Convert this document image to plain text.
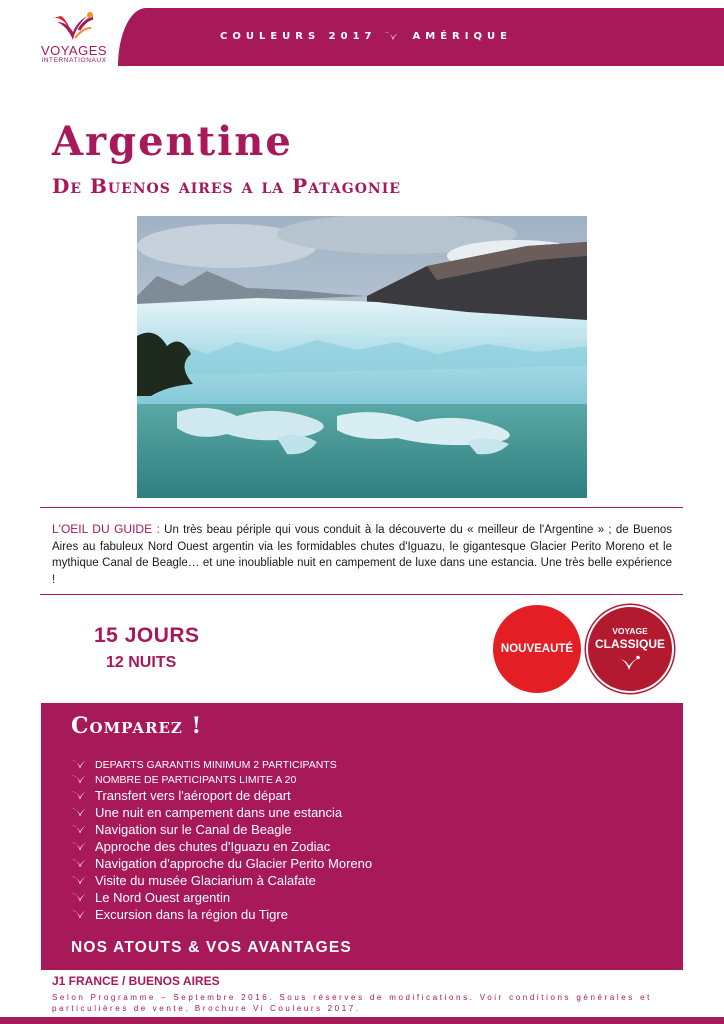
VOYAGES
INTERNATIONAUX
COULEURS 2017	AMÉRIQUE
Argentine
De Buenos aires a la Patagonie
L'OEIL DU GUIDE : Un très beau périple qui vous conduit à la découverte du « meilleur de l'Argentine » ; de Buenos Aires au fabuleux Nord Ouest argentin via les formidables chutes d'Iguazu, le gigantesque Glacier Perito Moreno et le mythique Canal de Beagle… et une inoubliable nuit en campement de luxe dans une estancia. Une très belle expérience !
15 JOURS
12 NUITS
NOUVEAUTÉ
VOYAGE
CLASSIQUE
Comparez !
DEPARTS GARANTIS MINIMUM 2 PARTICIPANTS
NOMBRE DE PARTICIPANTS LIMITE A 20
Transfert vers l'aéroport de départ
Une nuit en campement dans une estancia
Navigation sur le Canal de Beagle
Approche des chutes d'Iguazu en Zodiac
Navigation d'approche du Glacier Perito Moreno
Visite du musée Glaciarium à Calafate
Le Nord Ouest argentin
Excursion dans la région du Tigre
NOS ATOUTS & VOS AVANTAGES
J1 FRANCE / BUENOS AIRES
Selon Programme – Septembre 2016. Sous réserves de modifications. Voir conditions générales et particulières de vente. Brochure Vi Couleurs 2017.
